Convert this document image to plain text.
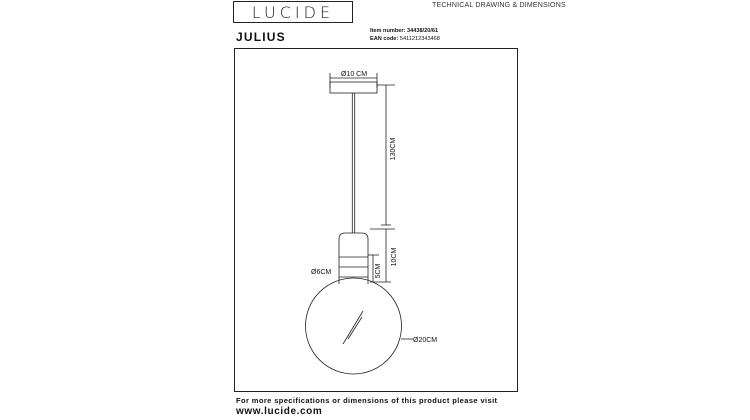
LUCIDE	TECHNICAL DRAWING & DIMENSIONS
JULIUS	Item number: 34438/20/61
EAN code: 5411212343468
Ø10 CM
130CM
10CM
5CM
Ø6CM
Ø20CM
For more specifications or dimensions of this product please visit
www.lucide.com
